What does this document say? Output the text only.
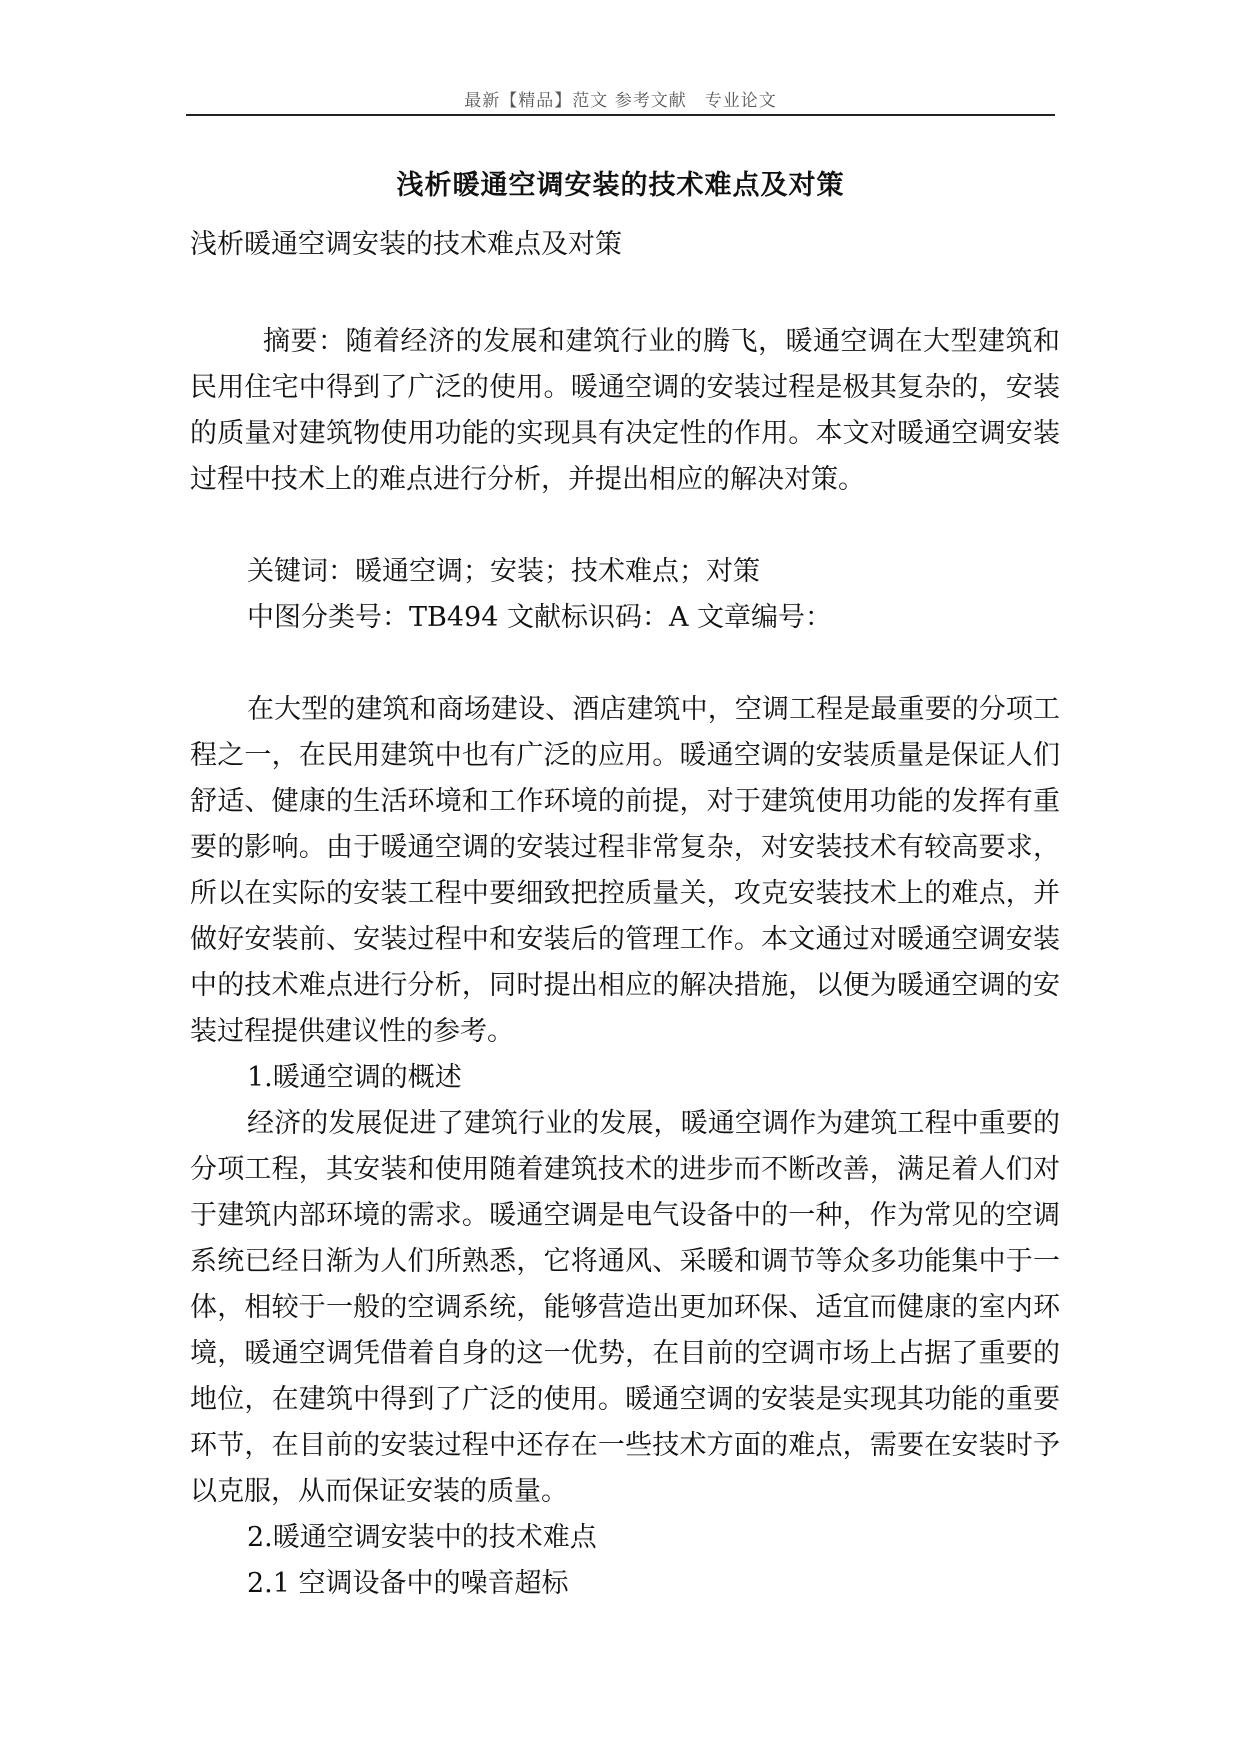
最新【精品】范文 参考文献　专业论文
浅析暖通空调安装的技术难点及对策

浅析暖通空调安装的技术难点及对策

摘要：随着经济的发展和建筑行业的腾飞，暖通空调在大型建筑和民用住宅中得到了广泛的使用。暖通空调的安装过程是极其复杂的，安装的质量对建筑物使用功能的实现具有决定性的作用。本文对暖通空调安装过程中技术上的难点进行分析，并提出相应的解决对策。

关键词：暖通空调；安装；技术难点；对策

中图分类号：TB494 文献标识码：A 文章编号：

在大型的建筑和商场建设、酒店建筑中，空调工程是最重要的分项工程之一，在民用建筑中也有广泛的应用。暖通空调的安装质量是保证人们舒适、健康的生活环境和工作环境的前提，对于建筑使用功能的发挥有重要的影响。由于暖通空调的安装过程非常复杂，对安装技术有较高要求，所以在实际的安装工程中要细致把控质量关，攻克安装技术上的难点，并做好安装前、安装过程中和安装后的管理工作。本文通过对暖通空调安装中的技术难点进行分析，同时提出相应的解决措施，以便为暖通空调的安装过程提供建议性的参考。

1.暖通空调的概述

经济的发展促进了建筑行业的发展，暖通空调作为建筑工程中重要的分项工程，其安装和使用随着建筑技术的进步而不断改善，满足着人们对于建筑内部环境的需求。暖通空调是电气设备中的一种，作为常见的空调系统已经日渐为人们所熟悉，它将通风、采暖和调节等众多功能集中于一体，相较于一般的空调系统，能够营造出更加环保、适宜而健康的室内环境，暖通空调凭借着自身的这一优势，在目前的空调市场上占据了重要的地位，在建筑中得到了广泛的使用。暖通空调的安装是实现其功能的重要环节，在目前的安装过程中还存在一些技术方面的难点，需要在安装时予以克服，从而保证安装的质量。

2.暖通空调安装中的技术难点

2.1 空调设备中的噪音超标
